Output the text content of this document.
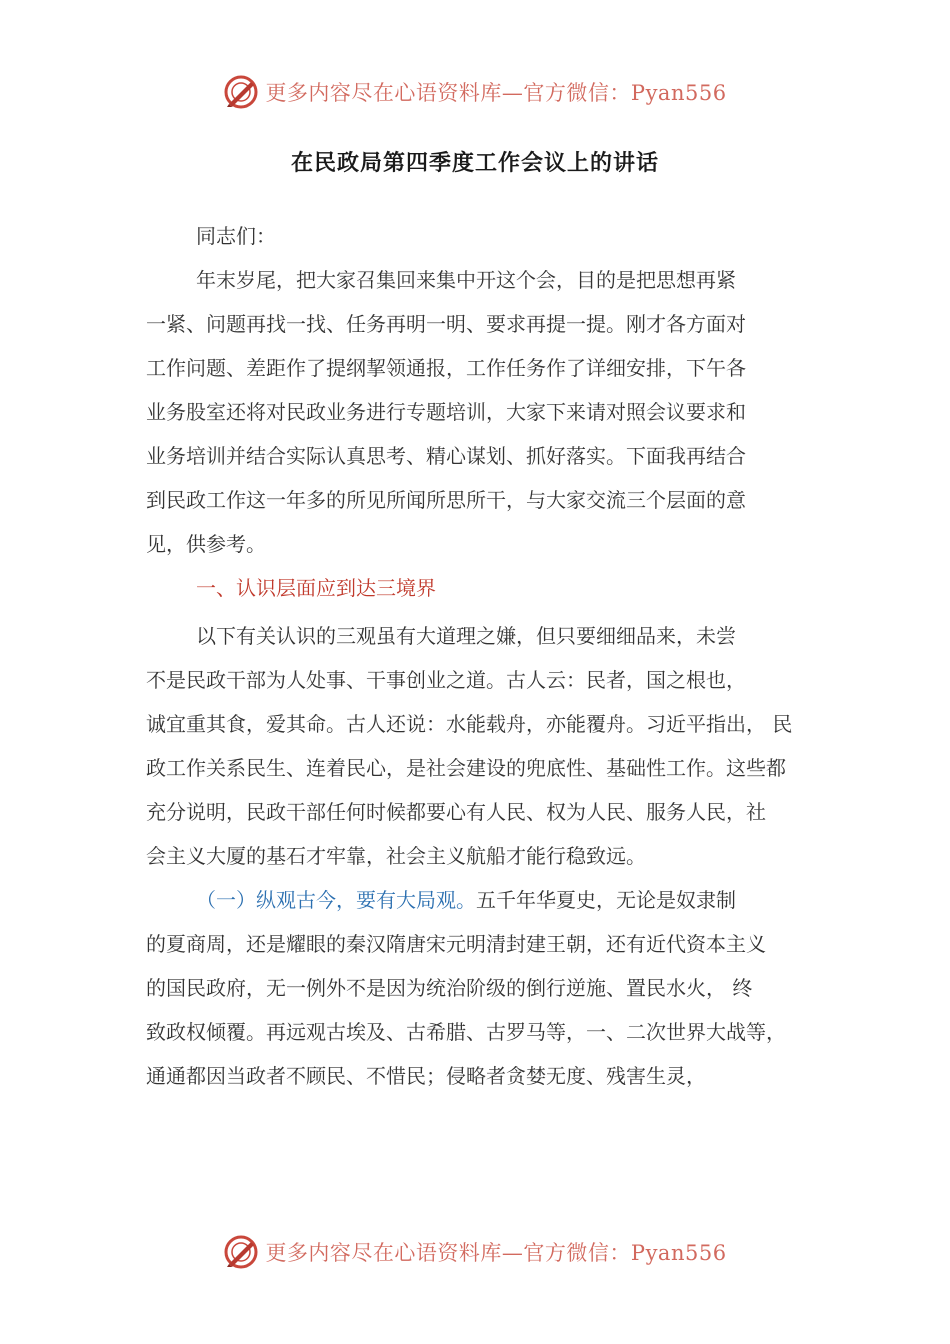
更多内容尽在心语资料库—官方微信：Pyan556
在民政局第四季度工作会议上的讲话
同志们：
年末岁尾，把大家召集回来集中开这个会，目的是把思想再紧
一紧、问题再找一找、任务再明一明、要求再提一提。刚才各方面对
工作问题、差距作了提纲挈领通报，工作任务作了详细安排，下午各
业务股室还将对民政业务进行专题培训，大家下来请对照会议要求和
业务培训并结合实际认真思考、精心谋划、抓好落实。下面我再结合
到民政工作这一年多的所见所闻所思所干，与大家交流三个层面的意
见，供参考。
一、认识层面应到达三境界
以下有关认识的三观虽有大道理之嫌，但只要细细品来，未尝
不是民政干部为人处事、干事创业之道。古人云：民者，国之根也，
诚宜重其食，爱其命。古人还说：水能载舟，亦能覆舟。习近平指出， 民
政工作关系民生、连着民心，是社会建设的兜底性、基础性工作。这些都
充分说明，民政干部任何时候都要心有人民、权为人民、服务人民，社
会主义大厦的基石才牢靠，社会主义航船才能行稳致远。
（一）纵观古今，要有大局观。五千年华夏史，无论是奴隶制
的夏商周，还是耀眼的秦汉隋唐宋元明清封建王朝，还有近代资本主义
的国民政府，无一例外不是因为统治阶级的倒行逆施、置民水火， 终
致政权倾覆。再远观古埃及、古希腊、古罗马等，一、二次世界大战等，
通通都因当政者不顾民、不惜民；侵略者贪婪无度、残害生灵，
更多内容尽在心语资料库—官方微信：Pyan556
